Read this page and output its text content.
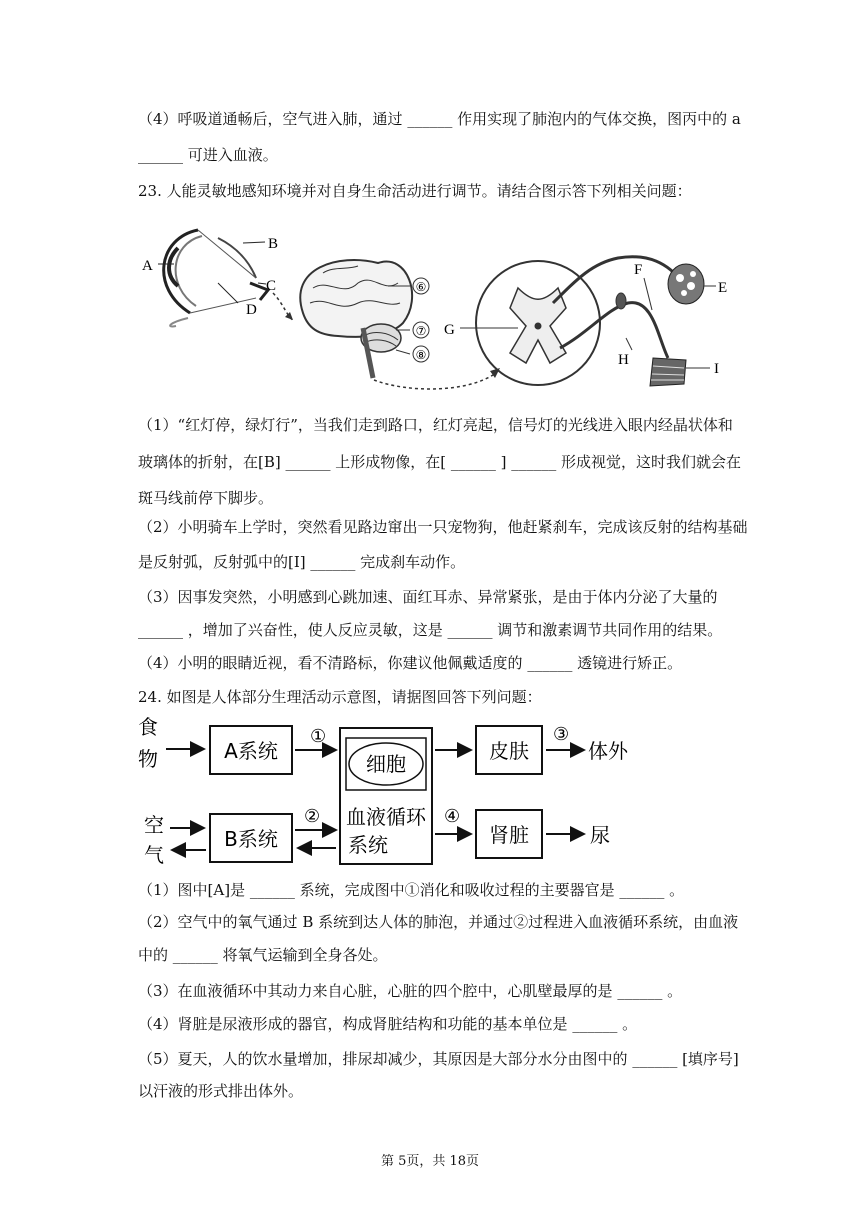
（4）呼吸道通畅后，空气进入肺，通过 ______ 作用实现了肺泡内的气体交换，图丙中的 a
______ 可进入血液。
23. 人能灵敏地感知环境并对自身生命活动进行调节。请结合图示答下列相关问题：
A
B
C
D
⑥
⑦
⑧
G
E
F
I
H
（1）“红灯停，绿灯行”，当我们走到路口，红灯亮起，信号灯的光线进入眼内经晶状体和
玻璃体的折射，在[B] ______ 上形成物像，在[ ______ ] ______ 形成视觉，这时我们就会在
斑马线前停下脚步。
（2）小明骑车上学时，突然看见路边窜出一只宠物狗，他赶紧刹车，完成该反射的结构基础
是反射弧，反射弧中的[I] ______ 完成刹车动作。
（3）因事发突然，小明感到心跳加速、面红耳赤、异常紧张，是由于体内分泌了大量的
______ ，增加了兴奋性，使人反应灵敏，这是 ______ 调节和激素调节共同作用的结果。
（4）小明的眼睛近视，看不清路标，你建议他佩戴适度的 ______ 透镜进行矫正。
24. 如图是人体部分生理活动示意图，请据图回答下列问题：
食
物	A系统
①
细胞
血液循环
系统
皮肤
③
体外
空
气
B系统
②	④
肾脏	尿
（1）图中[A]是 ______ 系统，完成图中①消化和吸收过程的主要器官是 ______ 。
（2）空气中的氧气通过 B 系统到达人体的肺泡，并通过②过程进入血液循环系统，由血液
中的 ______ 将氧气运输到全身各处。
（3）在血液循环中其动力来自心脏，心脏的四个腔中，心肌壁最厚的是 ______ 。
（4）肾脏是尿液形成的器官，构成肾脏结构和功能的基本单位是 ______ 。
（5）夏天，人的饮水量增加，排尿却减少，其原因是大部分水分由图中的 ______ [填序号]
以汗液的形式排出体外。
第 5页，共 18页
